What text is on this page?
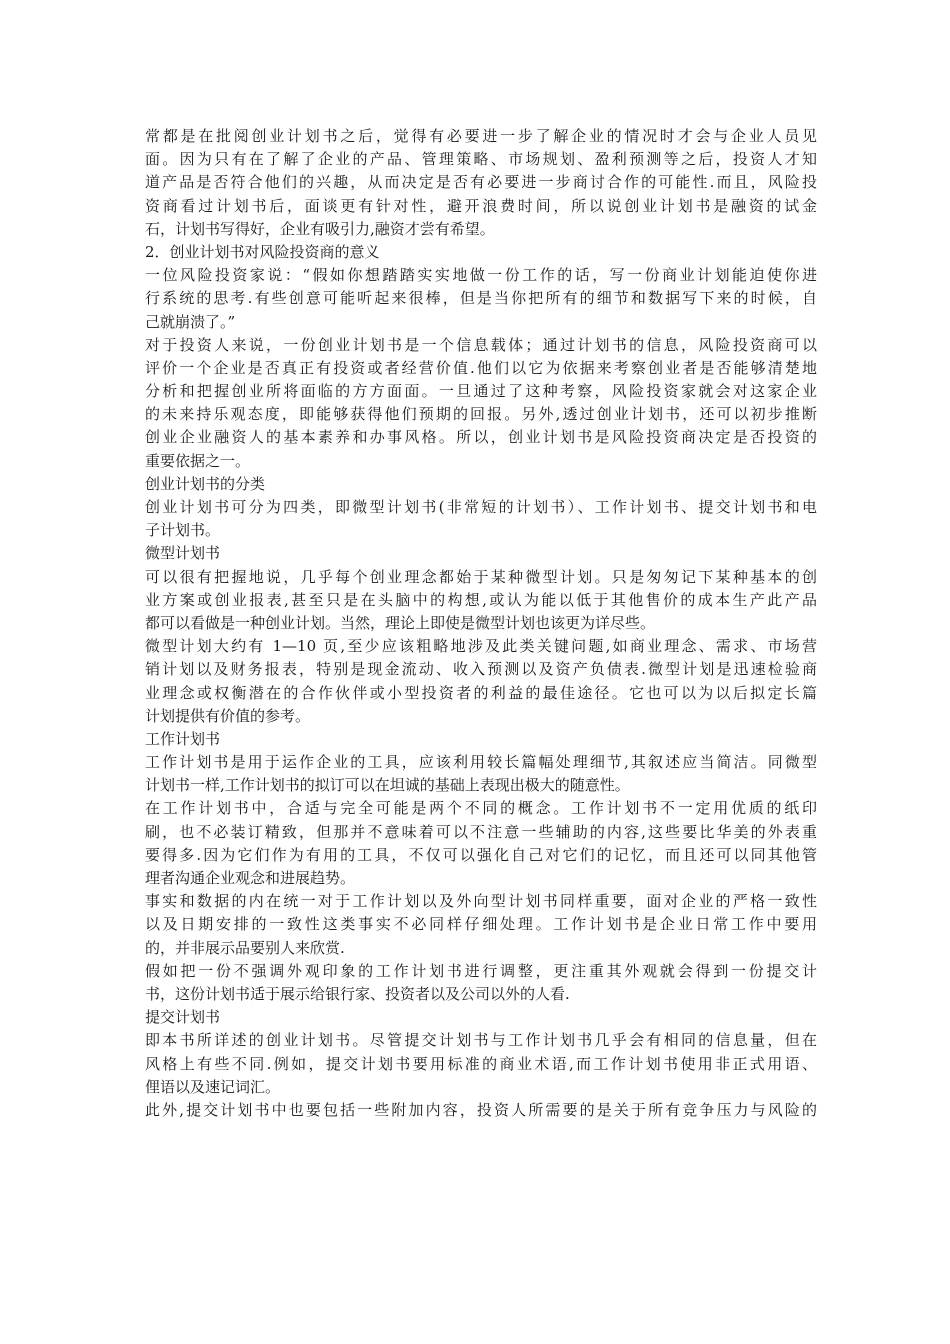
常都是在批阅创业计划书之后，觉得有必要进一步了解企业的情况时才会与企业人员见
面。因为只有在了解了企业的产品、管理策略、市场规划、盈利预测等之后，投资人才知
道产品是否符合他们的兴趣，从而决定是否有必要进一步商讨合作的可能性.而且，风险投
资商看过计划书后，面谈更有针对性，避开浪费时间，所以说创业计划书是融资的试金
石，计划书写得好，企业有吸引力,融资才尝有希望。
2．创业计划书对风险投资商的意义
一位风险投资家说：“假如你想踏踏实实地做一份工作的话，写一份商业计划能迫使你进
行系统的思考.有些创意可能听起来很棒，但是当你把所有的细节和数据写下来的时候，自
己就崩溃了。”
对于投资人来说，一份创业计划书是一个信息载体；通过计划书的信息，风险投资商可以
评价一个企业是否真正有投资或者经营价值.他们以它为依据来考察创业者是否能够清楚地
分析和把握创业所将面临的方方面面。一旦通过了这种考察，风险投资家就会对这家企业
的未来持乐观态度，即能够获得他们预期的回报。另外,透过创业计划书，还可以初步推断
创业企业融资人的基本素养和办事风格。所以，创业计划书是风险投资商决定是否投资的
重要依据之一。
创业计划书的分类
创业计划书可分为四类，即微型计划书(非常短的计划书）、工作计划书、提交计划书和电
子计划书。
微型计划书
可以很有把握地说，几乎每个创业理念都始于某种微型计划。只是匆匆记下某种基本的创
业方案或创业报表,甚至只是在头脑中的构想,或认为能以低于其他售价的成本生产此产品
都可以看做是一种创业计划。当然，理论上即使是微型计划也该更为详尽些。
微型计划大约有 1—10 页,至少应该粗略地涉及此类关键问题,如商业理念、需求、市场营
销计划以及财务报表，特别是现金流动、收入预测以及资产负债表.微型计划是迅速检验商
业理念或权衡潜在的合作伙伴或小型投资者的利益的最佳途径。它也可以为以后拟定长篇
计划提供有价值的参考。
工作计划书
工作计划书是用于运作企业的工具，应该利用较长篇幅处理细节,其叙述应当简洁。同微型
计划书一样,工作计划书的拟订可以在坦诚的基础上表现出极大的随意性。
在工作计划书中，合适与完全可能是两个不同的概念。工作计划书不一定用优质的纸印
刷，也不必装订精致，但那并不意味着可以不注意一些辅助的内容,这些要比华美的外表重
要得多.因为它们作为有用的工具，不仅可以强化自己对它们的记忆，而且还可以同其他管
理者沟通企业观念和进展趋势。
事实和数据的内在统一对于工作计划以及外向型计划书同样重要，面对企业的严格一致性
以及日期安排的一致性这类事实不必同样仔细处理。工作计划书是企业日常工作中要用
的，并非展示品要别人来欣赏.
假如把一份不强调外观印象的工作计划书进行调整，更注重其外观就会得到一份提交计
书，这份计划书适于展示给银行家、投资者以及公司以外的人看.
提交计划书
即本书所详述的创业计划书。尽管提交计划书与工作计划书几乎会有相同的信息量，但在
风格上有些不同.例如，提交计划书要用标准的商业术语,而工作计划书使用非正式用语、
俚语以及速记词汇。
此外,提交计划书中也要包括一些附加内容，投资人所需要的是关于所有竞争压力与风险的
